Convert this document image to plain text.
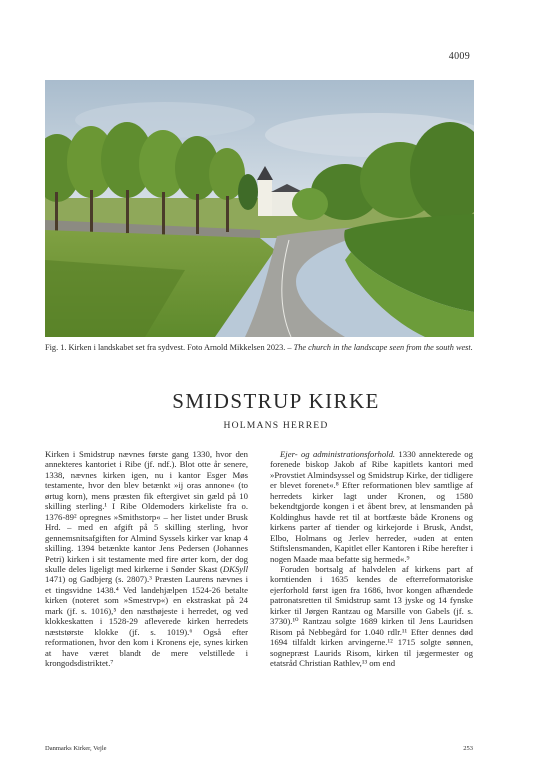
4009
Fig. 1. Kirken i landskabet set fra sydvest. Foto Arnold Mikkelsen 2023. – The church in the landscape seen from the south west.
SMIDSTRUP KIRKE
HOLMANS HERRED

Kirken i Smidstrup nævnes første gang 1330, hvor den annekteres kantoriet i Ribe (jf. ndf.). Blot otte år senere, 1338, nævnes kirken igen, nu i kantor Esger Møs testamente, hvor den blev betænkt »ij oras annone« (to ørtug korn), mens præsten fik eftergivet sin gæld på 10 skilling sterling.¹ I Ribe Oldemoders kirkeliste fra o. 1376-89² opregnes »Smithstorp« – her listet under Brusk Hrd. – med en afgift på 5 skilling sterling, hvor gennemsnitsafgiften for Almind Syssels kirker var knap 4 skilling. 1394 betænkte kantor Jens Pedersen (Johannes Petri) kirken i sit testamente med fire ørter korn, der dog skulle deles ligeligt med kirkerne i Sønder Skast (DKSyll 1471) og Gadbjerg (s. 2807).³ Præsten Laurens nævnes i et tingsvidne 1438.⁴ Ved landehjælpen 1524-26 betalte kirken (noteret som »Smestrvp«) en ekstraskat på 24 mark (jf. s. 1016),⁵ den næsthøjeste i herredet, og ved klokkeskatten i 1528-29 afleverede kirken herredets næststørste klokke (jf. s. 1019).⁶ Også efter reformationen, hvor den kom i Kronens eje, synes kirken at have været blandt de mere velstillede i krongodsdistriktet.⁷

Ejer- og administrationsforhold. 1330 annekterede og forenede biskop Jakob af Ribe kapitlets kantori med »Provstiet Almindsyssel og Smidstrup Kirke, der tidligere er blevet forenet«.⁸ Efter reformationen blev samtlige af herredets kirker lagt under Kronen, og 1580 bekendtgjorde kongen i et åbent brev, at lensmanden på Koldinghus havde ret til at bortfæste både Kronens og kirkens parter af tiender og kirkejorde i Brusk, Andst, Elbo, Holmans og Jerlev herreder, »uden at enten Stiftslensmanden, Kapitlet eller Kantoren i Ribe herefter i nogen Maade maa befatte sig hermed«.⁹

Foruden bortsalg af halvdelen af kirkens part af korntienden i 1635 kendes de efterreformatoriske ejerforhold først igen fra 1686, hvor kongen afhændede patronatsretten til Smidstrup samt 13 jyske og 14 fynske kirker til Jørgen Rantzau og Marsille von Gabels (jf. s. 3730).¹⁰ Rantzau solgte 1689 kirken til Jens Lauridsen Risom på Nebbegård for 1.040 rdlr.¹¹ Efter dennes død 1694 tilfaldt kirken arvingerne.¹² 1715 solgte sønnen, sognepræst Laurids Risom, kirken til jægermester og etatsråd Christian Rathlev,¹³ om end

Danmarks Kirker, Vejle	253
